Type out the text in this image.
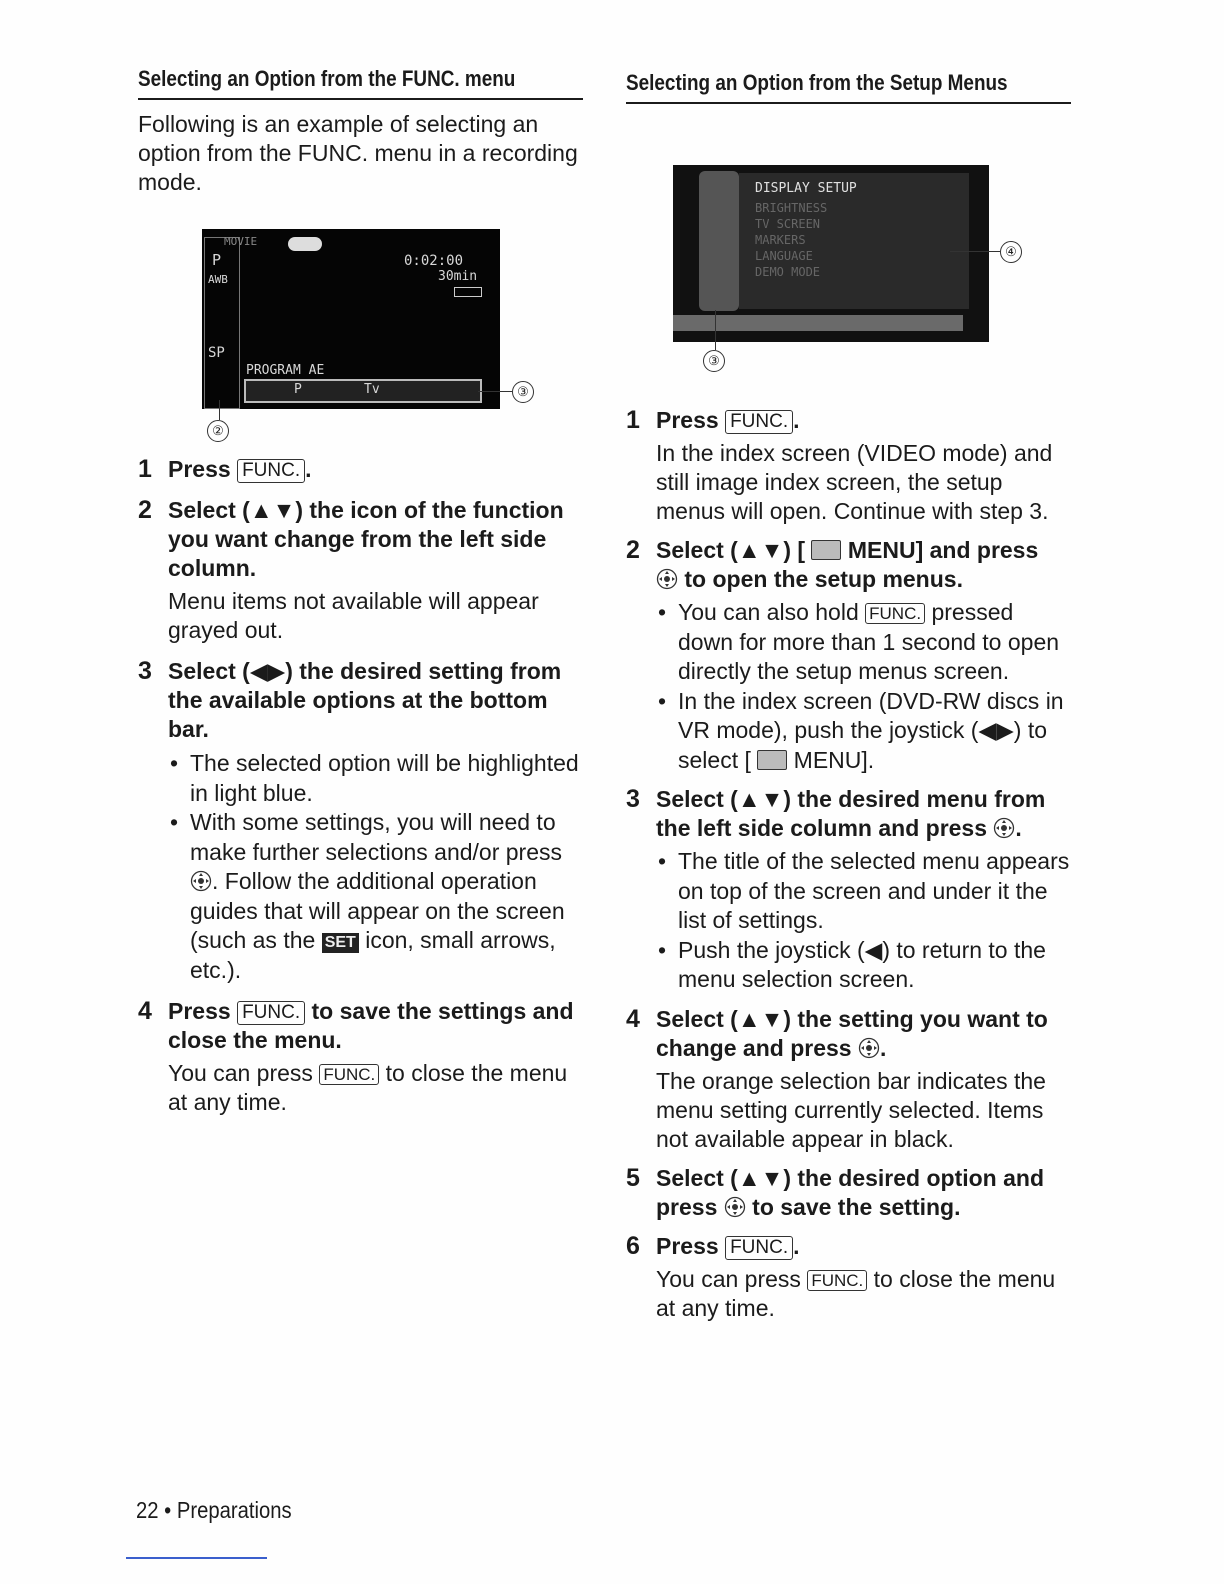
Selecting an Option from the FUNC. menu

Following is an example of selecting an option from the FUNC. menu in a recording mode.

MOVIE
P
AWB
SP
0:02:00
30min
PROGRAM AE
P	Tv	③
②
1 Press FUNC. .

2 Select (▲▼) the icon of the function you want change from the left side column.

Menu items not available will appear grayed out.

3 Select (◀▶) the desired setting from the available options at the bottom bar.

• The selected option will be highlighted in light blue.
• With some settings, you will need to make further selections and/or press . Follow the additional operation guides that will appear on the screen (such as the SET icon, small arrows, etc.).
4 Press FUNC. to save the settings and close the menu.

You can press FUNC. to close the menu at any time.

Selecting an Option from the Setup Menus
DISPLAY SETUP
BRIGHTNESS
TV SCREEN
MARKERS
LANGUAGE
DEMO MODE
④
③
1 Press FUNC. .

In the index screen (VIDEO mode) and still image index screen, the setup menus will open. Continue with step 3.

2 Select (▲▼) [  MENU] and press
to open the setup menus.

• You can also hold FUNC. pressed down for more than 1 second to open directly the setup menus screen.
• In the index screen (DVD-RW discs in VR mode), push the joystick (◀▶) to select [  MENU].
3 Select (▲▼) the desired menu from the left side column and press .

• The title of the selected menu appears on top of the screen and under it the list of settings.
• Push the joystick (◀) to return to the menu selection screen.
4 Select (▲▼) the setting you want to change and press .

The orange selection bar indicates the menu setting currently selected. Items not available appear in black.

5 Select (▲▼) the desired option and press  to save the setting.

6 Press FUNC. .

You can press FUNC. to close the menu at any time.

22 • Preparations
